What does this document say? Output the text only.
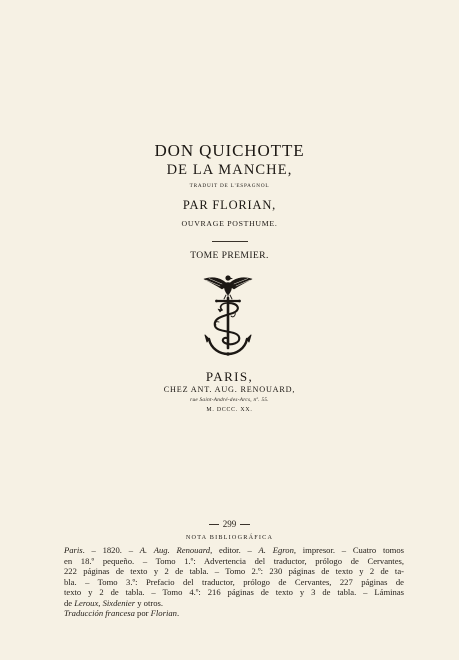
DON QUICHOTTE
DE LA MANCHE,
TRADUIT DE L'ESPAGNOL
PAR FLORIAN,
OUVRAGE POSTHUME.
TOME PREMIER.
PARIS,
CHEZ ANT. AUG. RENOUARD,
rue Saint-André-des-Arcs, nº. 55.
M. DCCC. XX.
299
NOTA BIBLIOGRÁFICA
Paris. – 1820. – A. Aug. Renouard, editor. – A. Egron, impresor. – Cuatro tomos
en 18.º pequeño. – Tomo 1.º: Advertencia del traductor, prólogo de Cervantes,
222 páginas de texto y 2 de tabla. – Tomo 2.º: 230 páginas de texto y 2 de ta-
bla. – Tomo 3.º: Prefacio del traductor, prólogo de Cervantes, 227 páginas de
texto y 2 de tabla. – Tomo 4.º: 216 páginas de texto y 3 de tabla. – Láminas
de Leroux, Sixdenier y otros.
Traducción francesa por Florian.
